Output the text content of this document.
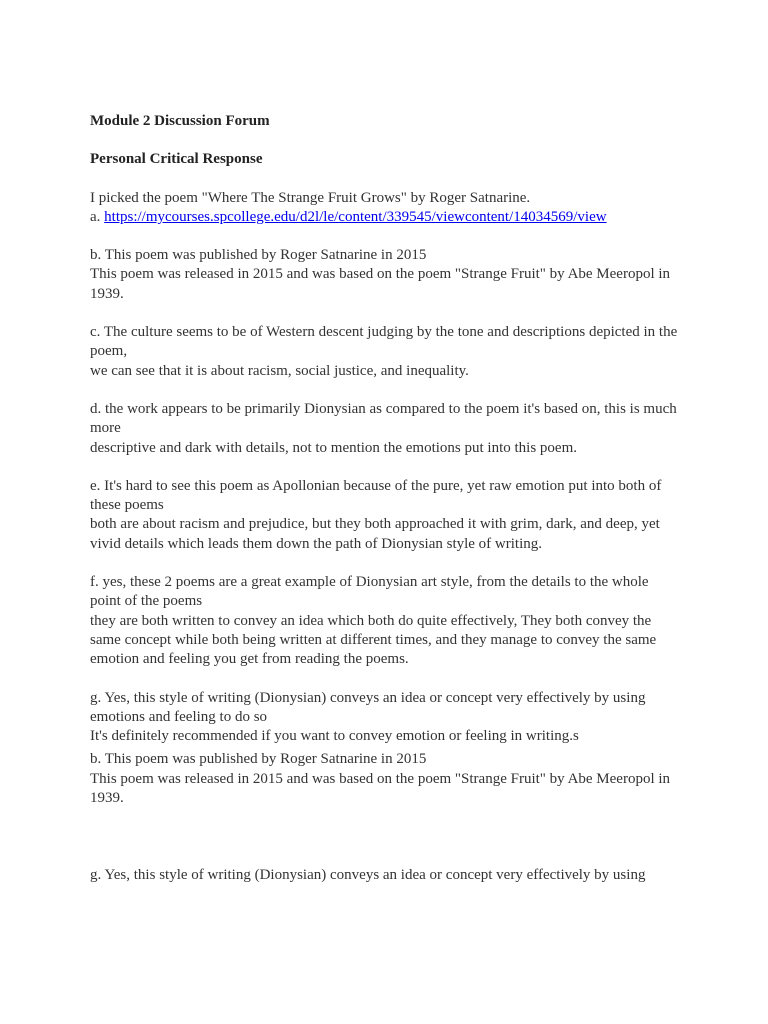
Module 2 Discussion Forum

Personal Critical Response

I picked the poem "Where The Strange Fruit Grows" by Roger Satnarine.

a. https://mycourses.spcollege.edu/d2l/le/content/339545/viewcontent/14034569/view

b. This poem was published by Roger Satnarine in 2015

This poem was released in 2015 and was based on the poem "Strange Fruit" by Abe Meeropol in 1939.

c. The culture seems to be of Western descent judging by the tone and descriptions depicted in the poem,

we can see that it is about racism, social justice, and inequality.

d. the work appears to be primarily Dionysian as compared to the poem it's based on, this is much more

descriptive and dark with details, not to mention the emotions put into this poem.

e. It's hard to see this poem as Apollonian because of the pure, yet raw emotion put into both of these poems

both are about racism and prejudice, but they both approached it with grim, dark, and deep, yet vivid details which leads them down the path of Dionysian style of writing.

f. yes, these 2 poems are a great example of Dionysian art style, from the details to the whole point of the poems

they are both written to convey an idea which both do quite effectively, They both convey the same concept while both being written at different times, and they manage to convey the same emotion and feeling you get from reading the poems.

g. Yes, this style of writing (Dionysian) conveys an idea or concept very effectively by using emotions and feeling to do so

It's definitely recommended if you want to convey emotion or feeling in writing.s

b. This poem was published by Roger Satnarine in 2015

This poem was released in 2015 and was based on the poem "Strange Fruit" by Abe Meeropol in 1939.

g. Yes, this style of writing (Dionysian) conveys an idea or concept very effectively by using
